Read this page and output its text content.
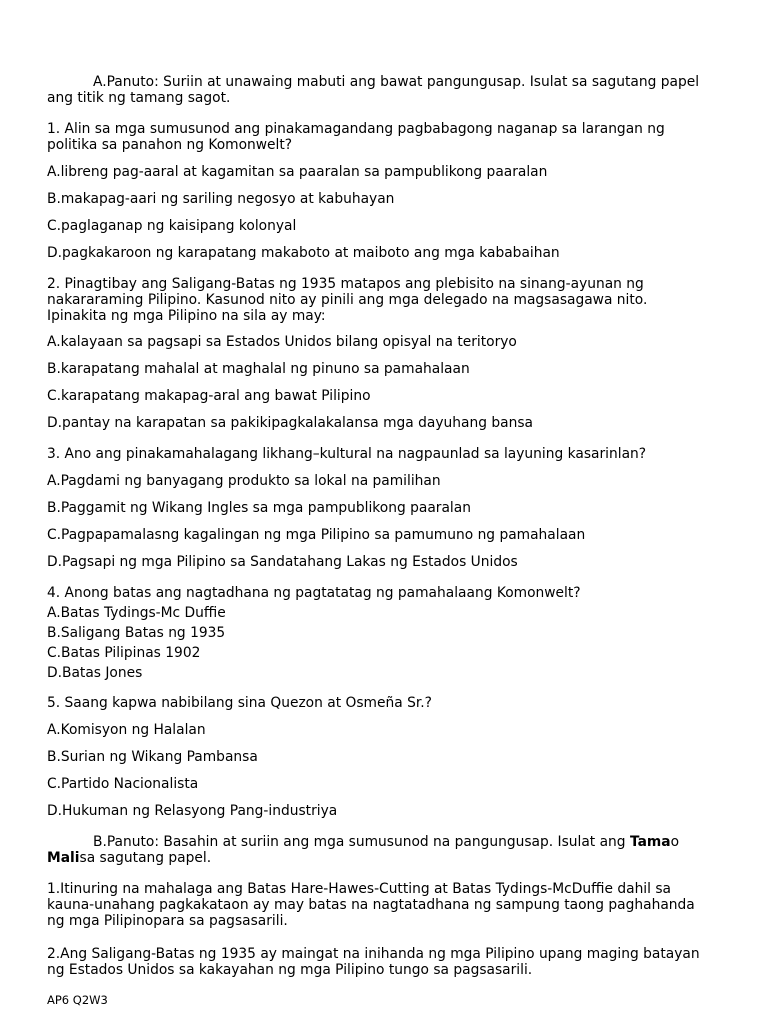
A.Panuto: Suriin at unawaing mabuti ang bawat pangungusap. Isulat sa sagutang papel
ang titik ng tamang sagot.
1. Alin sa mga sumusunod ang pinakamagandang pagbabagong naganap sa larangan ng
politika sa panahon ng Komonwelt?
A.libreng pag-aaral at kagamitan sa paaralan sa pampublikong paaralan
B.makapag-aari ng sariling negosyo at kabuhayan
C.paglaganap ng kaisipang kolonyal
D.pagkakaroon ng karapatang makaboto at maiboto ang mga kababaihan
2. Pinagtibay ang Saligang-Batas ng 1935 matapos ang plebisito na sinang-ayunan ng
nakararaming Pilipino. Kasunod nito ay pinili ang mga delegado na magsasagawa nito.
Ipinakita ng mga Pilipino na sila ay may:
A.kalayaan sa pagsapi sa Estados Unidos bilang opisyal na teritoryo
B.karapatang mahalal at maghalal ng pinuno sa pamahalaan
C.karapatang makapag-aral ang bawat Pilipino
D.pantay na karapatan sa pakikipagkalakalansa mga dayuhang bansa
3. Ano ang pinakamahalagang likhang–kultural na nagpaunlad sa layuning kasarinlan?
A.Pagdami ng banyagang produkto sa lokal na pamilihan
B.Paggamit ng Wikang Ingles sa mga pampublikong paaralan
C.Pagpapamalasng kagalingan ng mga Pilipino sa pamumuno ng pamahalaan
D.Pagsapi ng mga Pilipino sa Sandatahang Lakas ng Estados Unidos
4. Anong batas ang nagtadhana ng pagtatatag ng pamahalaang Komonwelt?
A.Batas Tydings-Mc Duffie
B.Saligang Batas ng 1935
C.Batas Pilipinas 1902
D.Batas Jones
5. Saang kapwa nabibilang sina Quezon at Osmeña Sr.?
A.Komisyon ng Halalan
B.Surian ng Wikang Pambansa
C.Partido Nacionalista
D.Hukuman ng Relasyong Pang-industriya
B.Panuto: Basahin at suriin ang mga sumusunod na pangungusap. Isulat ang Tamao
Malisa sagutang papel.
1.Itinuring na mahalaga ang Batas Hare-Hawes-Cutting at Batas Tydings-McDuffie dahil sa
kauna-unahang pagkakataon ay may batas na nagtatadhana ng sampung taong paghahanda
ng mga Pilipinopara sa pagsasarili.
2.Ang Saligang-Batas ng 1935 ay maingat na inihanda ng mga Pilipino upang maging batayan
ng Estados Unidos sa kakayahan ng mga Pilipino tungo sa pagsasarili.
AP6 Q2W3
